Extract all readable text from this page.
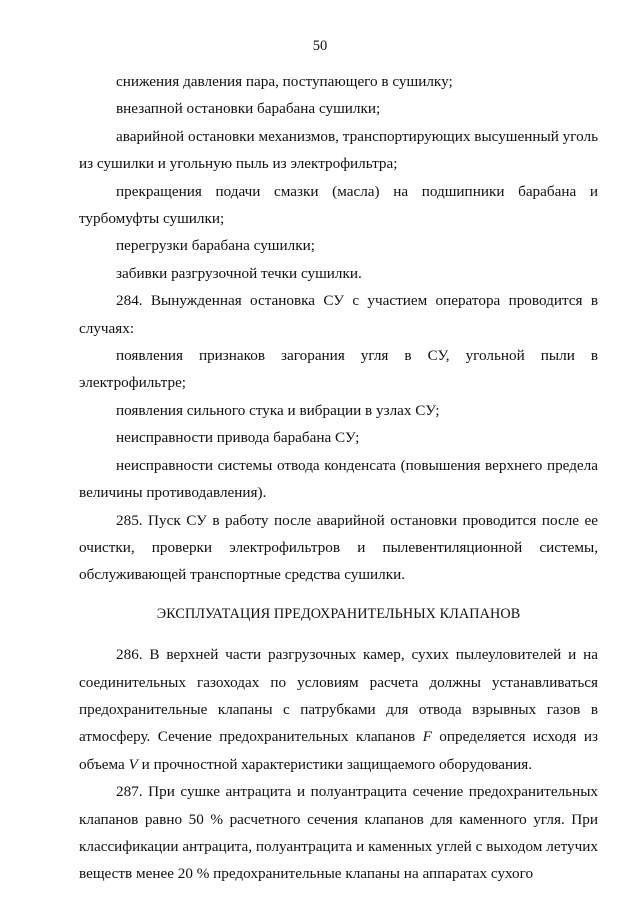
50

снижения давления пара, поступающего в сушилку;

внезапной остановки барабана сушилки;

аварийной остановки механизмов, транспортирующих высушенный уголь из сушилки и угольную пыль из электрофильтра;

прекращения подачи смазки (масла) на подшипники барабана и турбомуфты сушилки;

перегрузки барабана сушилки;

забивки разгрузочной течки сушилки.

284. Вынужденная остановка СУ с участием оператора проводится в случаях:

появления признаков загорания угля в СУ, угольной пыли в электрофильтре;

появления сильного стука и вибрации в узлах СУ;

неисправности привода барабана СУ;

неисправности системы отвода конденсата (повышения верхнего предела величины противодавления).

285. Пуск СУ в работу после аварийной остановки проводится после ее очистки, проверки электрофильтров и пылевентиляционной системы, обслуживающей транспортные средства сушилки.

ЭКСПЛУАТАЦИЯ ПРЕДОХРАНИТЕЛЬНЫХ КЛАПАНОВ

286. В верхней части разгрузочных камер, сухих пылеуловителей и на соединительных газоходах по условиям расчета должны устанавливаться предохранительные клапаны с патрубками для отвода взрывных газов в атмосферу. Сечение предохранительных клапанов F определяется исходя из объема V и прочностной характеристики защищаемого оборудования.

287. При сушке антрацита и полуантрацита сечение предохранительных клапанов равно 50 % расчетного сечения клапанов для каменного угля. При классификации антрацита, полуантрацита и каменных углей с выходом летучих веществ менее 20 % предохранительные клапаны на аппаратах сухого
